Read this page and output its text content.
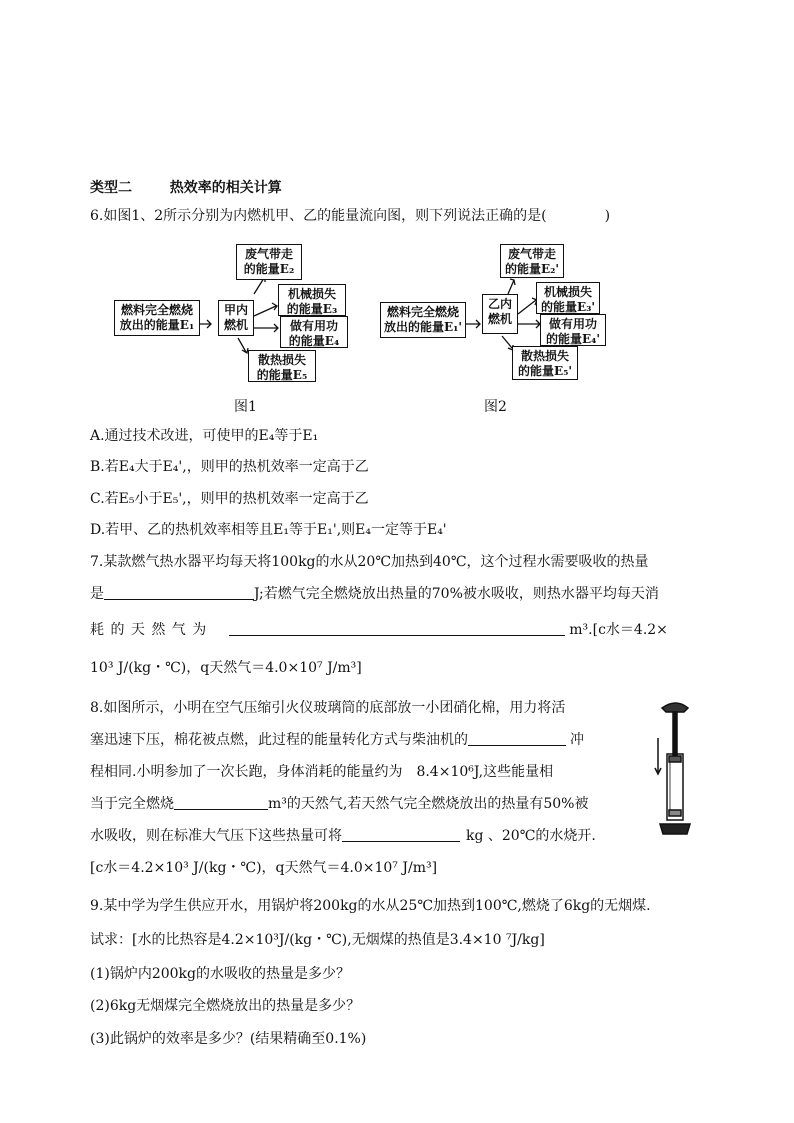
类型二	热效率的相关计算
6.如图1、2所示分别为内燃机甲、乙的能量流向图，则下列说法正确的是(	)
燃料完全燃烧
放出的能量E₁
甲内
燃机
废气带走
的能量E₂
机械损失
的能量E₃
做有用功
的能量E₄
散热损失
的能量E₅
图1
燃料完全燃烧
放出的能量E₁'
乙内
燃机
废气带走
的能量E₂'
机械损失
的能量E₃'
做有用功
的能量E₄'
散热损失
的能量E₅'
图2
A.通过技术改进，可使甲的E₄等于E₁
B.若E₄大于E₄',，则甲的热机效率一定高于乙
C.若E₅小于E₅',，则甲的热机效率一定高于乙
D.若甲、乙的热机效率相等且E₁等于E₁',则E₄一定等于E₄'
7.某款燃气热水器平均每天将100kg的水从20℃加热到40℃，这个过程水需要吸收的热量
是	J;若燃气完全燃烧放出热量的70%被水吸收，则热水器平均每天消
耗 的 天 然 气 为	m³.[c水＝4.2×
10³ J/(kg・℃)，q天然气＝4.0×10⁷ J/m³]
8.如图所示，小明在空气压缩引火仪玻璃筒的底部放一小团硝化棉，用力将活
塞迅速下压，棉花被点燃，此过程的能量转化方式与柴油机的	冲
程相同.小明参加了一次长跑，身体消耗的能量约为　8.4×10⁶J,这些能量相
当于完全燃烧	m³的天然气,若天然气完全燃烧放出的热量有50%被
水吸收，则在标准大气压下这些热量可将	kg 、20℃的水烧开.
[c水＝4.2×10³ J/(kg・℃)，q天然气＝4.0×10⁷ J/m³]
9.某中学为学生供应开水，用锅炉将200kg的水从25℃加热到100℃,燃烧了6kg的无烟煤.
试求：[水的比热容是4.2×10³J/(kg・℃),无烟煤的热值是3.4×10 ⁷J/kg]
(1)锅炉内200kg的水吸收的热量是多少？
(2)6kg无烟煤完全燃烧放出的热量是多少？
(3)此锅炉的效率是多少？(结果精确至0.1%)
